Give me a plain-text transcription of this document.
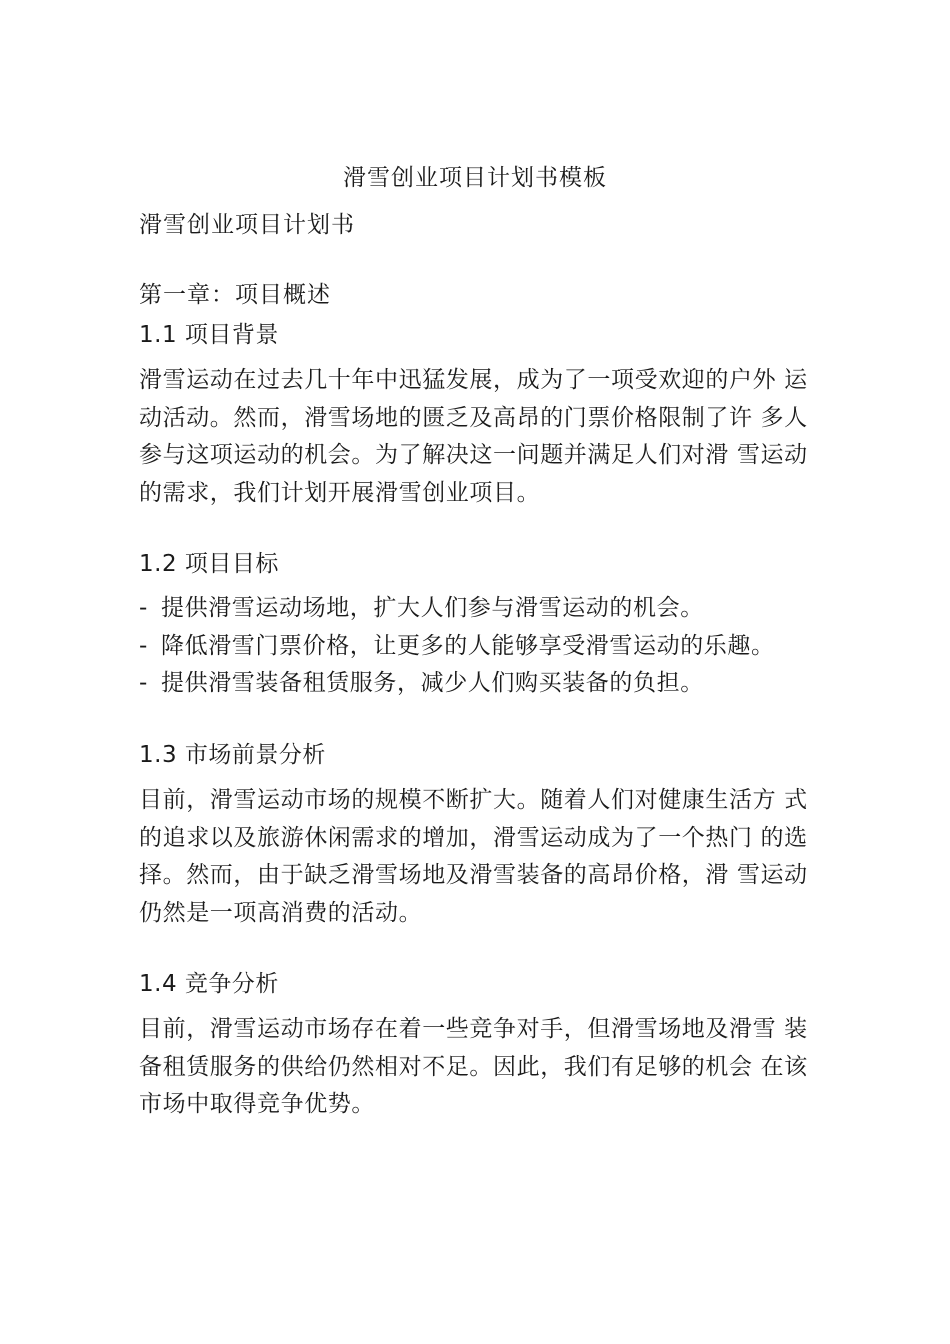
滑雪创业项目计划书模板
滑雪创业项目计划书
第一章：项目概述
1.1 项目背景
滑雪运动在过去几十年中迅猛发展，成为了一项受欢迎的户外 运
动活动。然而，滑雪场地的匮乏及高昂的门票价格限制了许 多人
参与这项运动的机会。为了解决这一问题并满足人们对滑 雪运动
的需求，我们计划开展滑雪创业项目。
1.2 项目目标
- 提供滑雪运动场地，扩大人们参与滑雪运动的机会。
- 降低滑雪门票价格，让更多的人能够享受滑雪运动的乐趣。
- 提供滑雪装备租赁服务，减少人们购买装备的负担。
1.3 市场前景分析
目前，滑雪运动市场的规模不断扩大。随着人们对健康生活方 式
的追求以及旅游休闲需求的增加，滑雪运动成为了一个热门 的选
择。然而，由于缺乏滑雪场地及滑雪装备的高昂价格，滑 雪运动
仍然是一项高消费的活动。
1.4 竞争分析
目前，滑雪运动市场存在着一些竞争对手，但滑雪场地及滑雪 装
备租赁服务的供给仍然相对不足。因此，我们有足够的机会 在该
市场中取得竞争优势。
